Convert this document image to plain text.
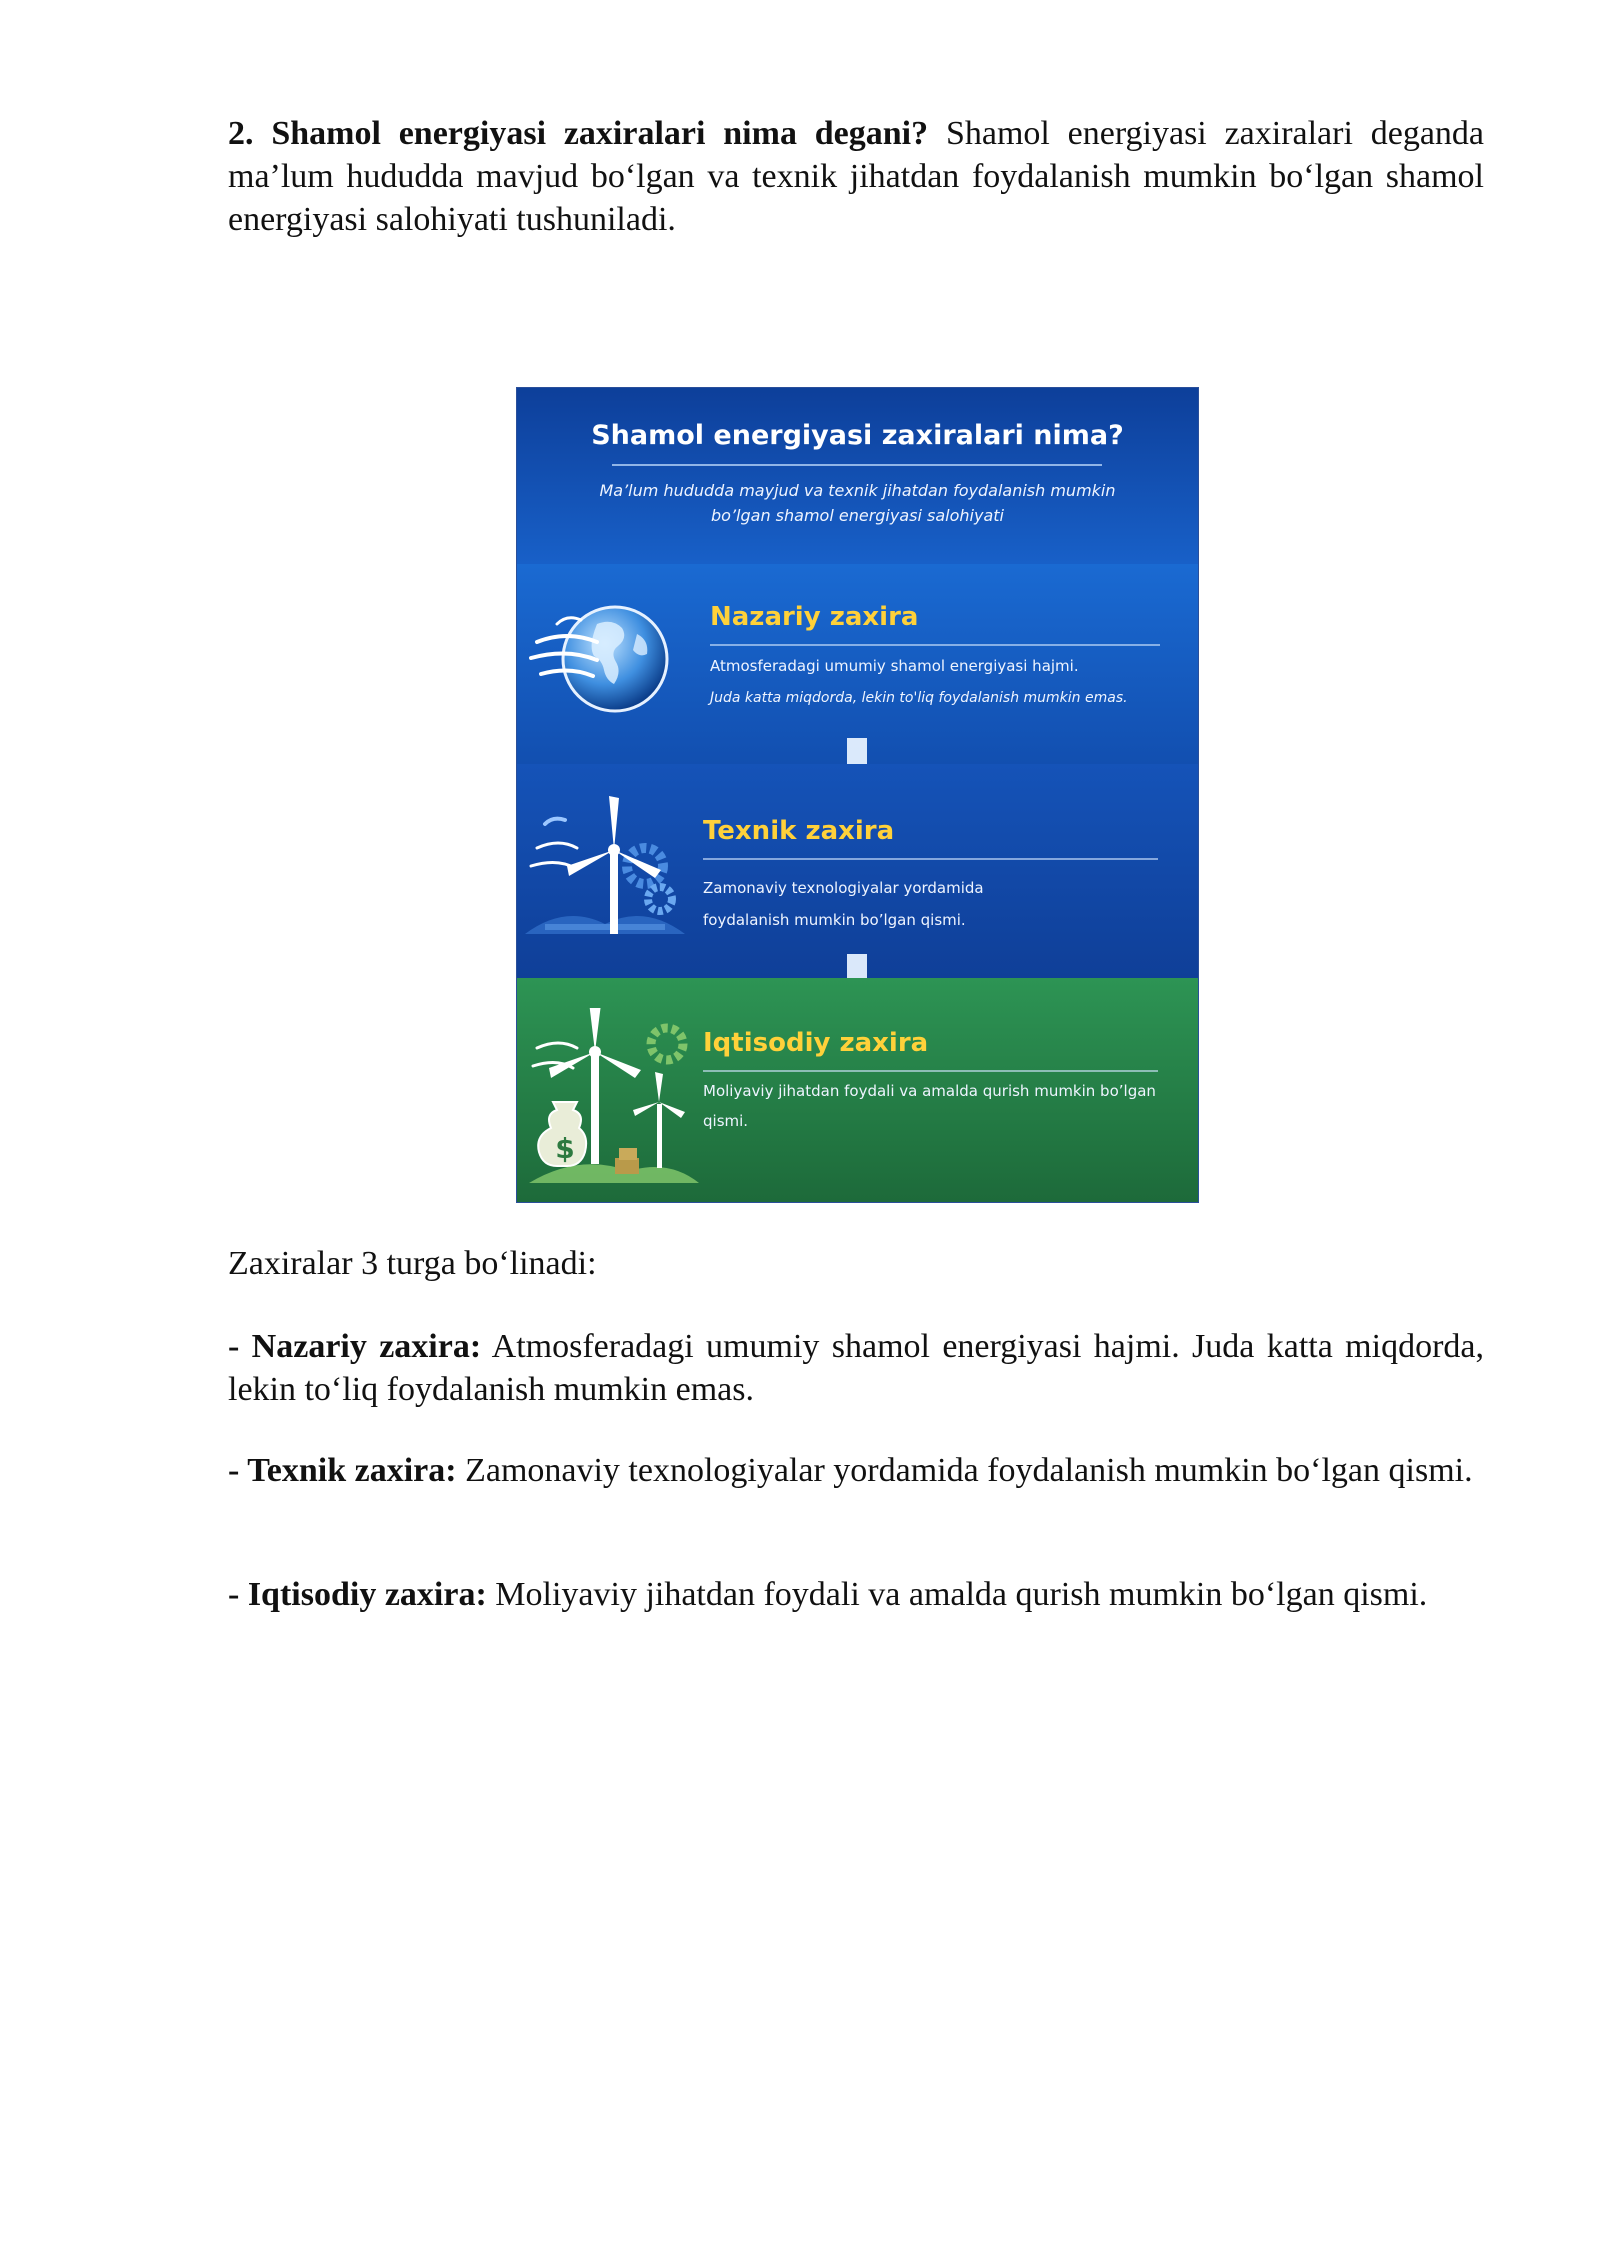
2. Shamol energiyasi zaxiralari nima degani? Shamol energiyasi zaxiralari deganda ma’lum hududda mavjud bo‘lgan va texnik jihatdan foydalanish mumkin bo‘lgan shamol energiyasi salohiyati tushuniladi.

Shamol energiyasi zaxiralari nima?

Ma’lum hududda mayjud va texnik jihatdan foydalanish mumkin bo’lgan shamol energiyasi salohiyati

Nazariy zaxira

Atmosferadagi umumiy shamol energiyasi hajmi.

Juda katta miqdorda, lekin to'liq foydalanish mumkin emas.

Texnik zaxira

Zamonaviy texnologiyalar yordamida

foydalanish mumkin bo’lgan qismi.

$

Iqtisodiy zaxira

Moliyaviy jihatdan foydali va amalda qurish mumkin bo’lgan

qismi.

Zaxiralar 3 turga bo‘linadi:

- Nazariy zaxira: Atmosferadagi umumiy shamol energiyasi hajmi. Juda katta miqdorda, lekin to‘liq foydalanish mumkin emas.

- Texnik zaxira: Zamonaviy texnologiyalar yordamida foydalanish mumkin bo‘lgan qismi.

- Iqtisodiy zaxira: Moliyaviy jihatdan foydali va amalda qurish mumkin bo‘lgan qismi.
